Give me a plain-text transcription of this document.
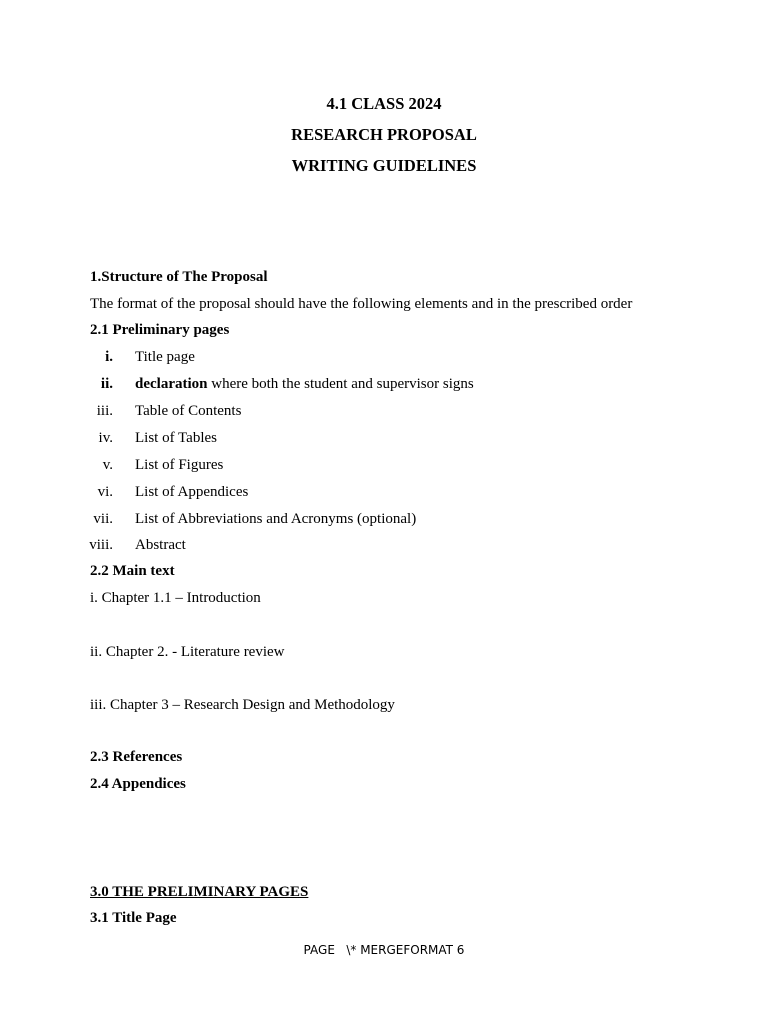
4.1 CLASS 2024
RESEARCH PROPOSAL
WRITING GUIDELINES
1.Structure of The Proposal
The format of the proposal should have the following elements and in the prescribed order
2.1 Preliminary pages
i. Title page
ii. declaration where both the student and supervisor signs
iii. Table of Contents
iv. List of Tables
v. List of Figures
vi. List of Appendices
vii. List of Abbreviations and Acronyms (optional)
viii. Abstract
2.2 Main text
i. Chapter 1.1 – Introduction
ii. Chapter 2. - Literature review
iii. Chapter 3 – Research Design and Methodology
2.3 References
2.4 Appendices
3.0 THE PRELIMINARY PAGES
3.1 Title Page
PAGE   \* MERGEFORMAT 6
